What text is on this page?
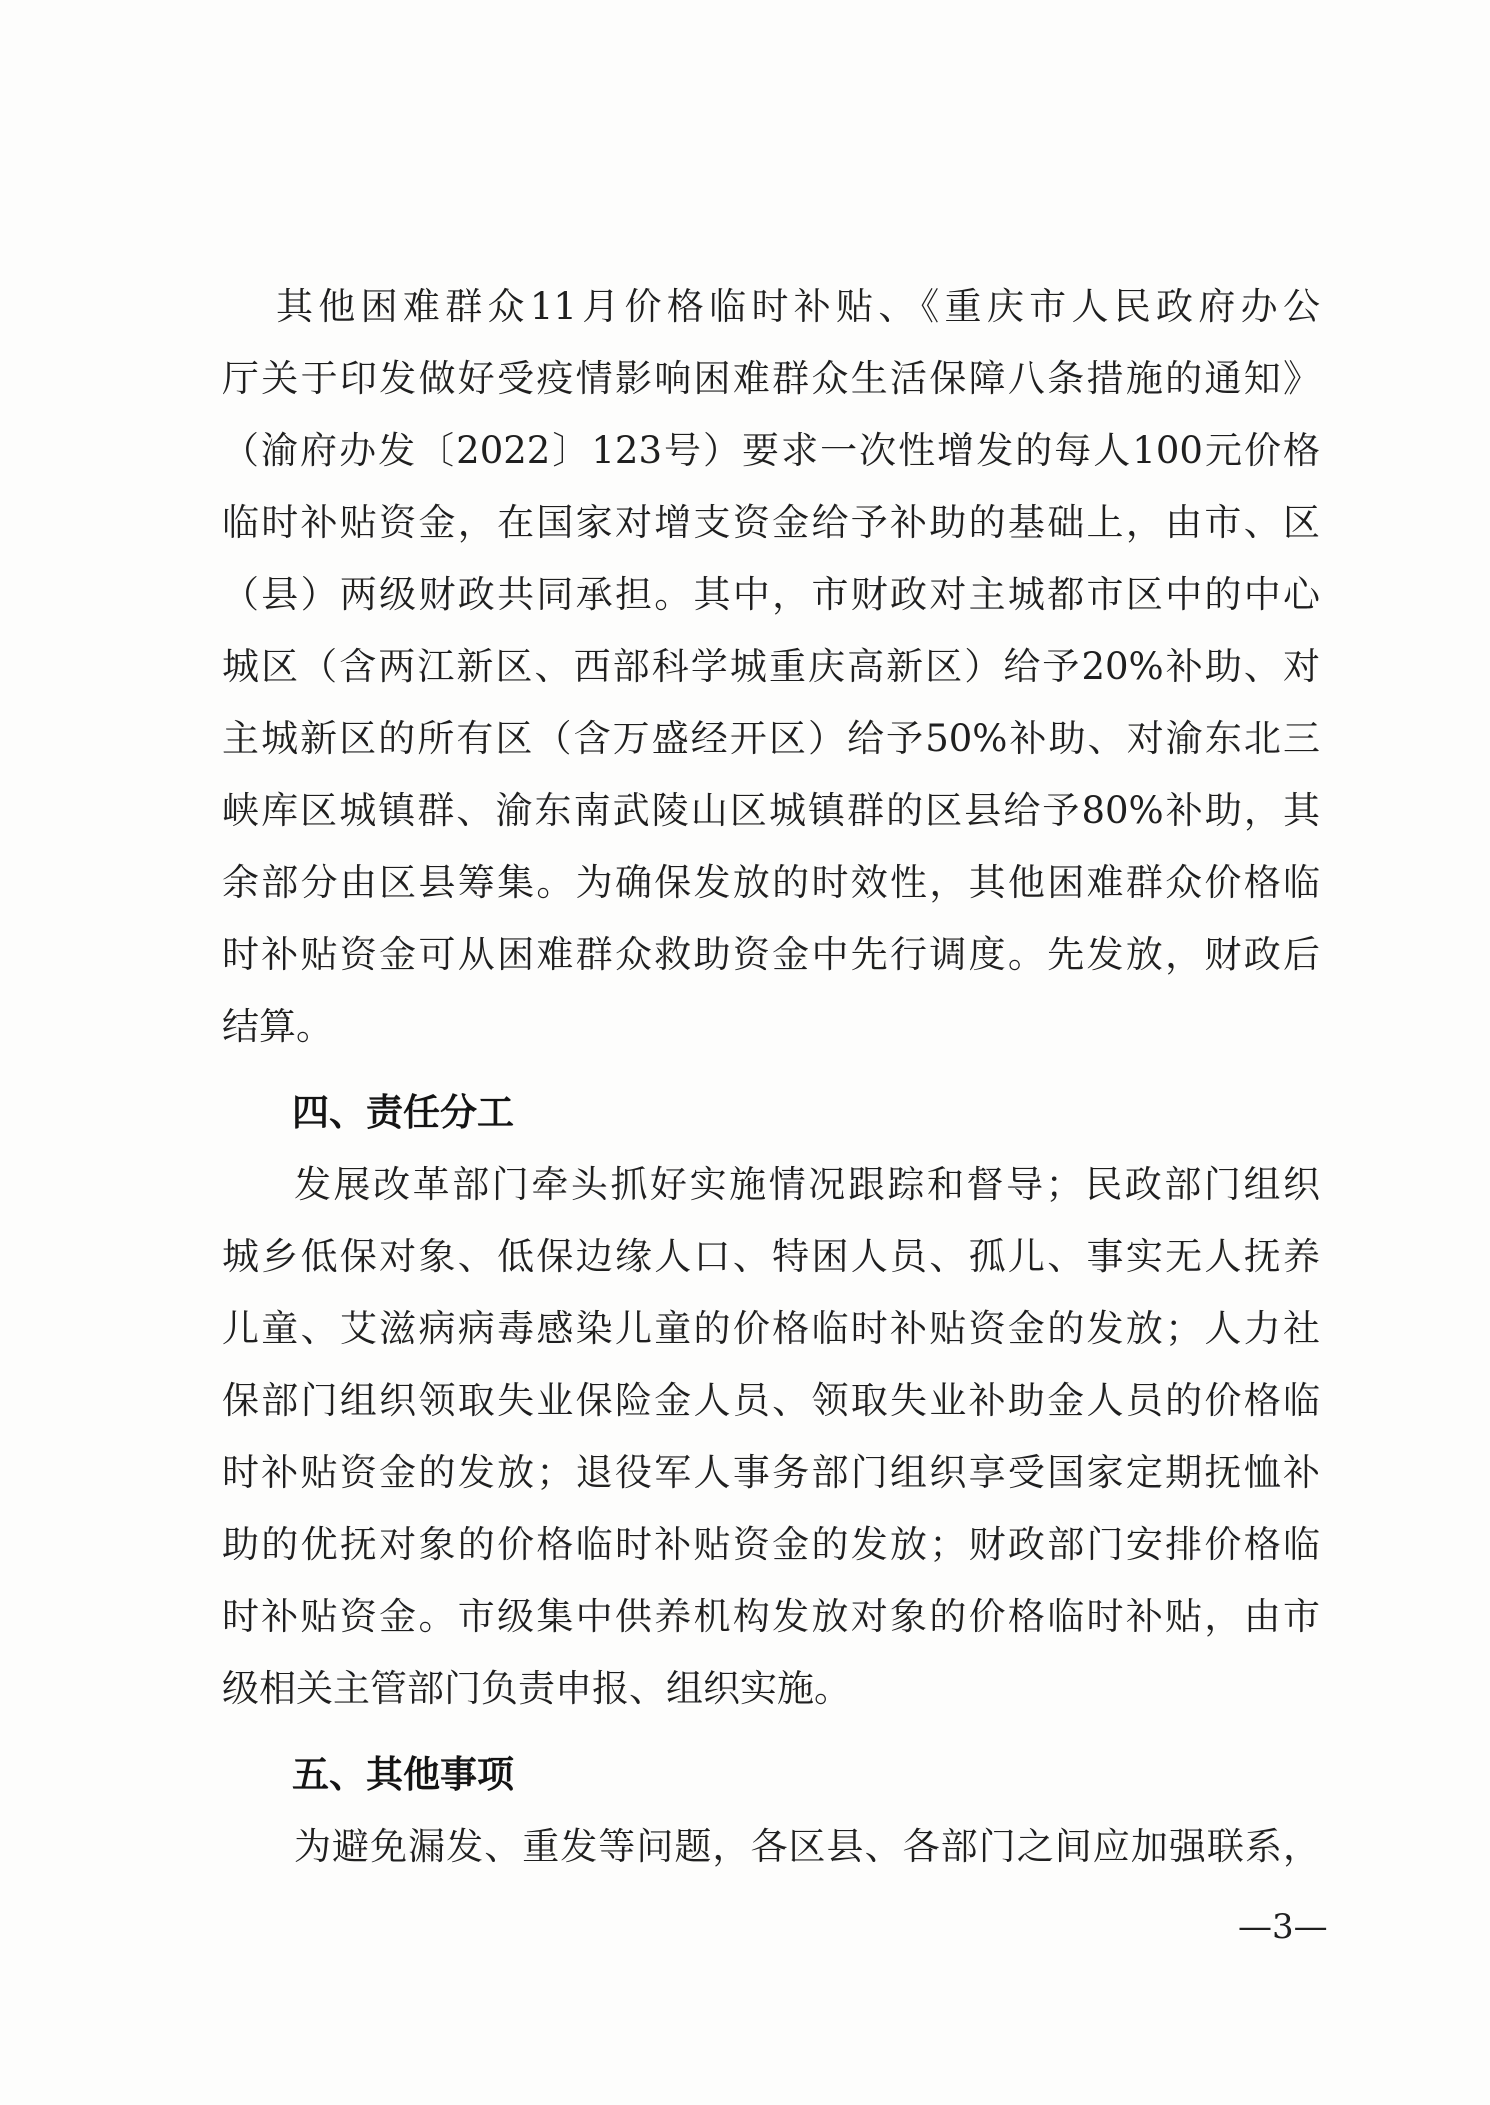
其他困难群众11月价格临时补贴、《重庆市人民政府办公
厅关于印发做好受疫情影响困难群众生活保障八条措施的通知》
（渝府办发〔2022〕123号）要求一次性增发的每人100元价格
临时补贴资金，在国家对增支资金给予补助的基础上，由市、区
（县）两级财政共同承担。其中，市财政对主城都市区中的中心
城区（含两江新区、西部科学城重庆高新区）给予20%补助、对
主城新区的所有区（含万盛经开区）给予50%补助、对渝东北三
峡库区城镇群、渝东南武陵山区城镇群的区县给予80%补助，其
余部分由区县筹集。为确保发放的时效性，其他困难群众价格临
时补贴资金可从困难群众救助资金中先行调度。先发放，财政后
结算。
四、责任分工
发展改革部门牵头抓好实施情况跟踪和督导；民政部门组织
城乡低保对象、低保边缘人口、特困人员、孤儿、事实无人抚养
儿童、艾滋病病毒感染儿童的价格临时补贴资金的发放；人力社
保部门组织领取失业保险金人员、领取失业补助金人员的价格临
时补贴资金的发放；退役军人事务部门组织享受国家定期抚恤补
助的优抚对象的价格临时补贴资金的发放；财政部门安排价格临
时补贴资金。市级集中供养机构发放对象的价格临时补贴，由市
级相关主管部门负责申报、组织实施。
五、其他事项
为避免漏发、重发等问题，各区县、各部门之间应加强联系，
—3—
